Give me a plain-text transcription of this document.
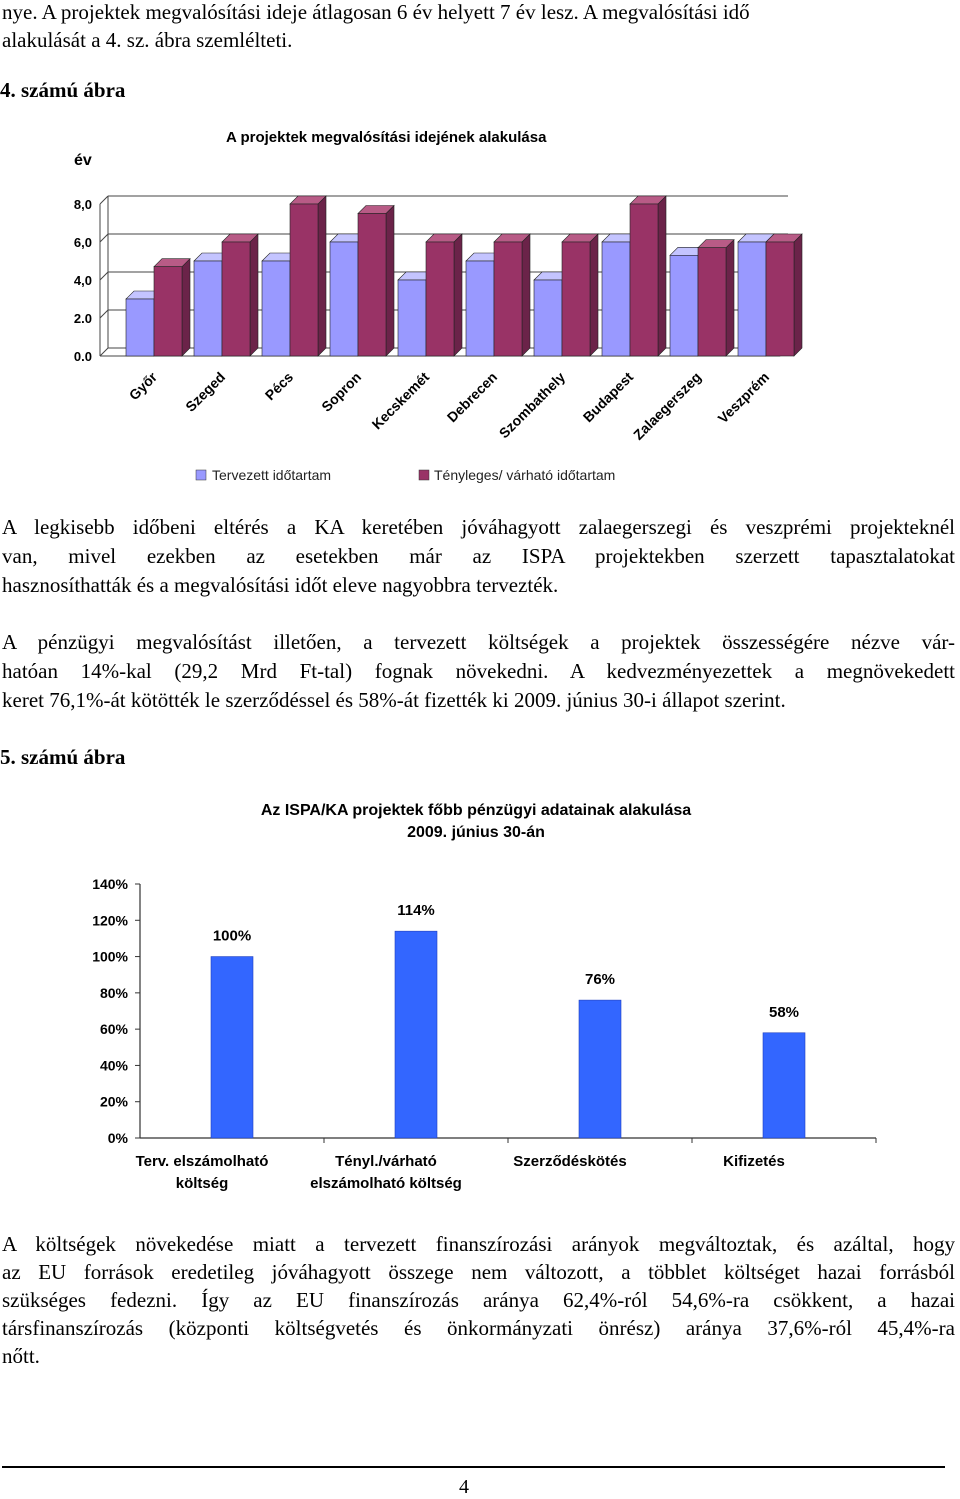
nye. A projektek megvalósítási ideje átlagosan 6 év helyett 7 év lesz. A megvalósítási idő
alakulását a 4. sz. ábra szemlélteti.
4. számú ábra
A projektek megvalósítási idejének alakulása
év
0.0
2.0
4,0
6,0
8,0
Győr Szeged Pécs Sopron Kecskemét Debrecen
Szombathely Budapest
Zalaegerszeg Veszprém
Tervezett időtartam	Tényleges/ várható időtartam
A legkisebb időbeni eltérés a KA keretében jóváhagyott zalaegerszegi és veszprémi projekteknél
van, mivel ezekben az esetekben már az ISPA projektekben szerzett tapasztalatokat
hasznosíthatták és a megvalósítási időt eleve nagyobbra tervezték.
A pénzügyi megvalósítást illetően, a tervezett költségek a projektek összességére nézve vár-
hatóan 14%-kal (29,2 Mrd Ft-tal) fognak növekedni. A kedvezményezettek a megnövekedett
keret 76,1%-át kötötték le szerződéssel és 58%-át fizették ki 2009. június 30-i állapot szerint.
5. számú ábra
Az ISPA/KA projektek főbb pénzügyi adatainak alakulása
2009. június 30-án
0%
20%
40%
60%
80%
100%
120%
140%
100%
114%
76%
58%
Terv. elszámolható
költség
Tényl./várható
elszámolható költség
Szerződéskötés	Kifizetés
A költségek növekedése miatt a tervezett finanszírozási arányok megváltoztak, és azáltal, hogy
az EU források eredetileg jóváhagyott összege nem változott, a többlet költséget hazai forrásból
szükséges fedezni. Így az EU finanszírozás aránya 62,4%-ról 54,6%-ra csökkent, a hazai
társfinanszírozás (központi költségvetés és önkormányzati önrész) aránya 37,6%-ról 45,4%-ra
nőtt.
4
